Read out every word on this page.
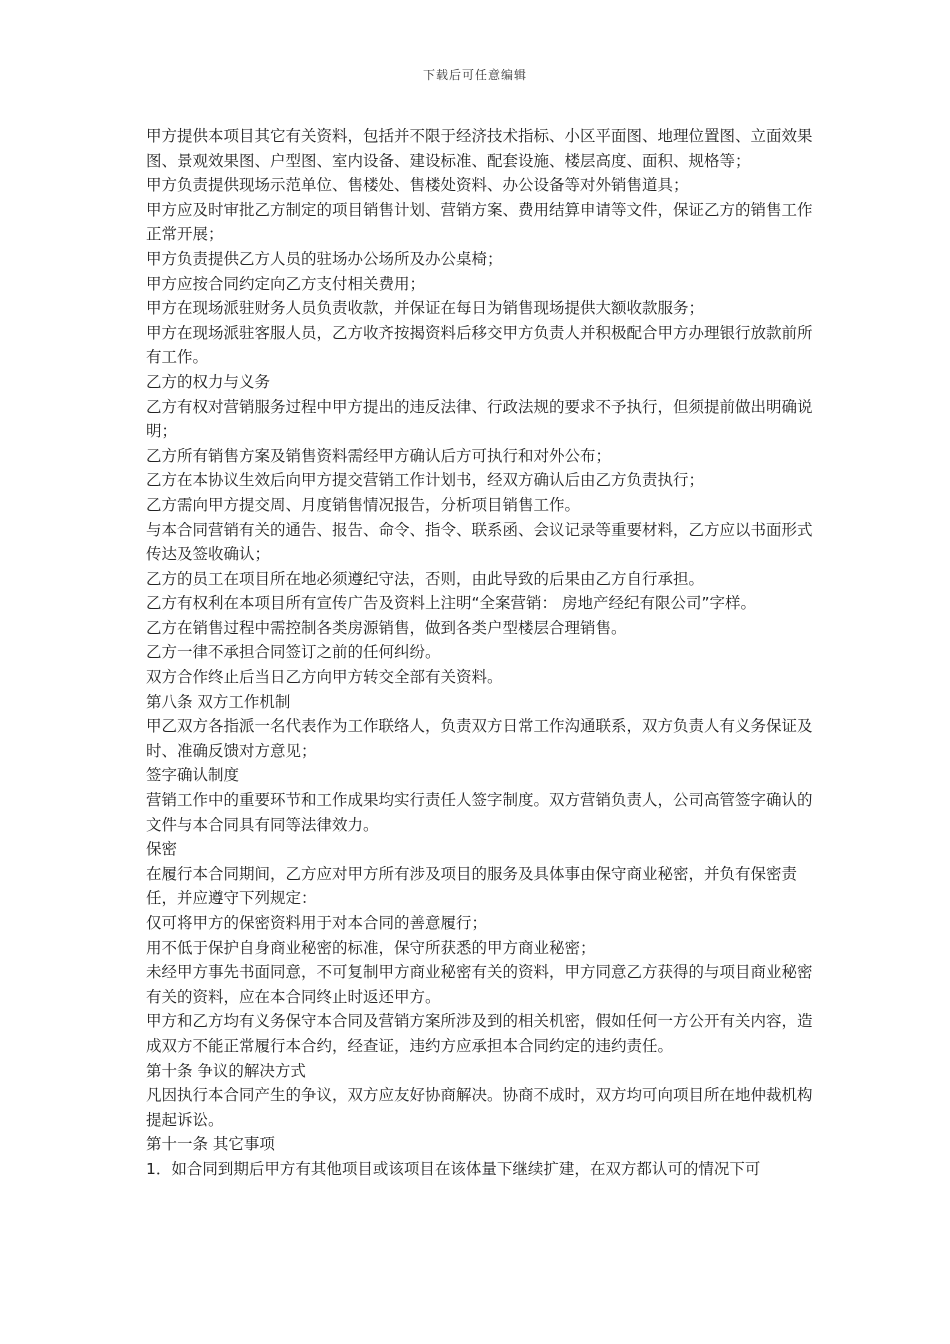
下载后可任意编辑

甲方提供本项目其它有关资料，包括并不限于经济技术指标、小区平面图、地理位置图、立面效果图、景观效果图、户型图、室内设备、建设标准、配套设施、楼层高度、面积、规格等；

甲方负责提供现场示范单位、售楼处、售楼处资料、办公设备等对外销售道具；

甲方应及时审批乙方制定的项目销售计划、营销方案、费用结算申请等文件，保证乙方的销售工作正常开展；

甲方负责提供乙方人员的驻场办公场所及办公桌椅；

甲方应按合同约定向乙方支付相关费用；

甲方在现场派驻财务人员负责收款，并保证在每日为销售现场提供大额收款服务；

甲方在现场派驻客服人员，乙方收齐按揭资料后移交甲方负责人并积极配合甲方办理银行放款前所有工作。

乙方的权力与义务

乙方有权对营销服务过程中甲方提出的违反法律、行政法规的要求不予执行，但须提前做出明确说明；

乙方所有销售方案及销售资料需经甲方确认后方可执行和对外公布；

乙方在本协议生效后向甲方提交营销工作计划书，经双方确认后由乙方负责执行；

乙方需向甲方提交周、月度销售情况报告，分析项目销售工作。

与本合同营销有关的通告、报告、命令、指令、联系函、会议记录等重要材料，乙方应以书面形式传达及签收确认；

乙方的员工在项目所在地必须遵纪守法，否则，由此导致的后果由乙方自行承担。

乙方有权利在本项目所有宣传广告及资料上注明“全案营销： 房地产经纪有限公司”字样。

乙方在销售过程中需控制各类房源销售，做到各类户型楼层合理销售。

乙方一律不承担合同签订之前的任何纠纷。

双方合作终止后当日乙方向甲方转交全部有关资料。

第八条 双方工作机制

甲乙双方各指派一名代表作为工作联络人，负责双方日常工作沟通联系，双方负责人有义务保证及时、准确反馈对方意见；

签字确认制度

营销工作中的重要环节和工作成果均实行责任人签字制度。双方营销负责人，公司高管签字确认的文件与本合同具有同等法律效力。

保密

在履行本合同期间，乙方应对甲方所有涉及项目的服务及具体事由保守商业秘密，并负有保密责任，并应遵守下列规定：

仅可将甲方的保密资料用于对本合同的善意履行；

用不低于保护自身商业秘密的标准，保守所获悉的甲方商业秘密；

未经甲方事先书面同意，不可复制甲方商业秘密有关的资料，甲方同意乙方获得的与项目商业秘密有关的资料，应在本合同终止时返还甲方。

甲方和乙方均有义务保守本合同及营销方案所涉及到的相关机密，假如任何一方公开有关内容，造成双方不能正常履行本合约，经查证，违约方应承担本合同约定的违约责任。

第十条 争议的解决方式

凡因执行本合同产生的争议，双方应友好协商解决。协商不成时，双方均可向项目所在地仲裁机构提起诉讼。

第十一条 其它事项

1．如合同到期后甲方有其他项目或该项目在该体量下继续扩建，在双方都认可的情况下可
